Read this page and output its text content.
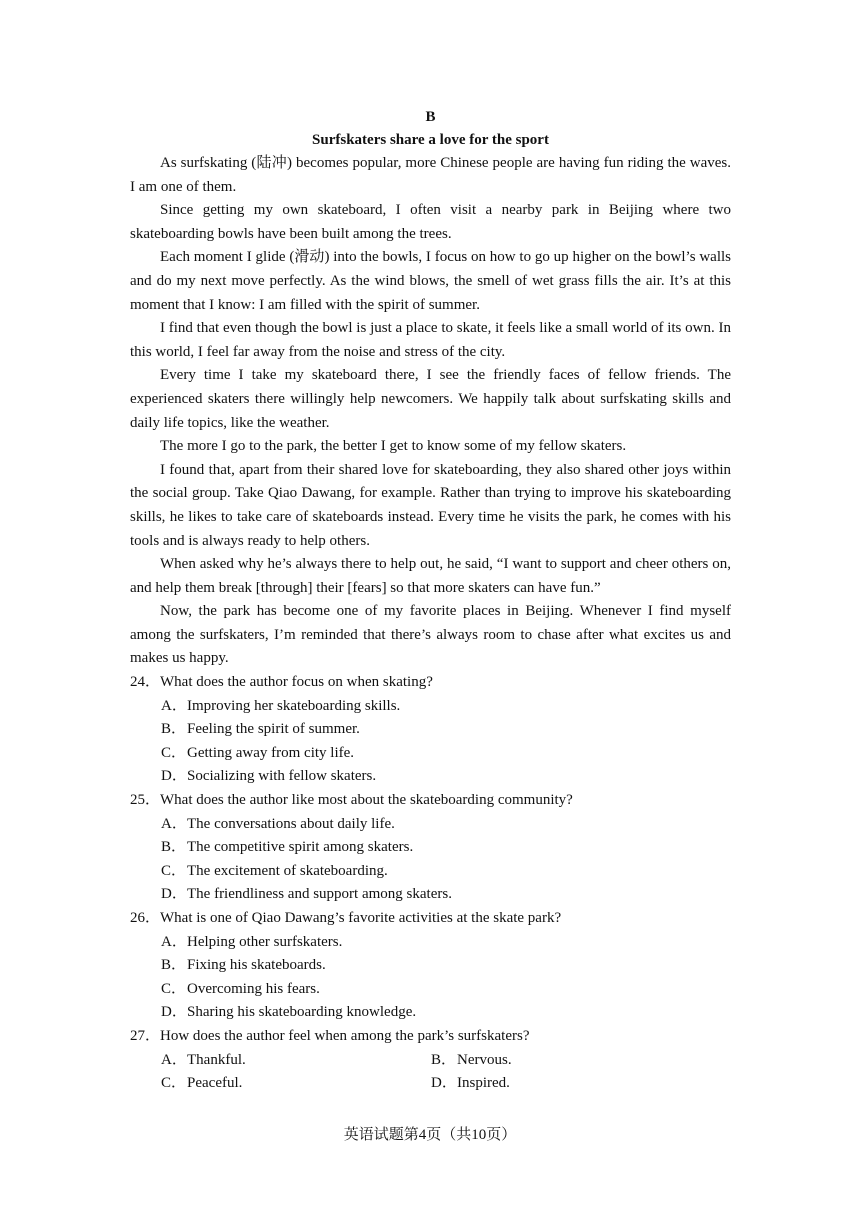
B

Surfskaters share a love for the sport

As surfskating (陆冲) becomes popular, more Chinese people are having fun riding the waves. I am one of them.

Since getting my own skateboard, I often visit a nearby park in Beijing where two skateboarding bowls have been built among the trees.

Each moment I glide (滑动) into the bowls, I focus on how to go up higher on the bowl’s walls and do my next move perfectly. As the wind blows, the smell of wet grass fills the air. It’s at this moment that I know: I am filled with the spirit of summer.

I find that even though the bowl is just a place to skate, it feels like a small world of its own. In this world, I feel far away from the noise and stress of the city.

Every time I take my skateboard there, I see the friendly faces of fellow friends. The experienced skaters there willingly help newcomers. We happily talk about surfskating skills and daily life topics, like the weather.

The more I go to the park, the better I get to know some of my fellow skaters.

I found that, apart from their shared love for skateboarding, they also shared other joys within the social group. Take Qiao Dawang, for example. Rather than trying to improve his skateboarding skills, he likes to take care of skateboards instead. Every time he visits the park, he comes with his tools and is always ready to help others.

When asked why he’s always there to help out, he said, “I want to support and cheer others on, and help them break [through] their [fears] so that more skaters can have fun.”

Now, the park has become one of my favorite places in Beijing. Whenever I find myself among the surfskaters, I’m reminded that there’s always room to chase after what excites us and makes us happy.

24．What does the author focus on when skating?

A．Improving her skateboarding skills.
B．Feeling the spirit of summer.
C．Getting away from city life.
D．Socializing with fellow skaters.

25．What does the author like most about the skateboarding community?

A．The conversations about daily life.
B．The competitive spirit among skaters.
C．The excitement of skateboarding.
D．The friendliness and support among skaters.

26．What is one of Qiao Dawang’s favorite activities at the skate park?

A．Helping other surfskaters.
B．Fixing his skateboards.
C．Overcoming his fears.
D．Sharing his skateboarding knowledge.

27．How does the author feel when among the park’s surfskaters?

A．Thankful.	B．Nervous.
C．Peaceful.	D．Inspired.
英语试题第4页（共10页）
